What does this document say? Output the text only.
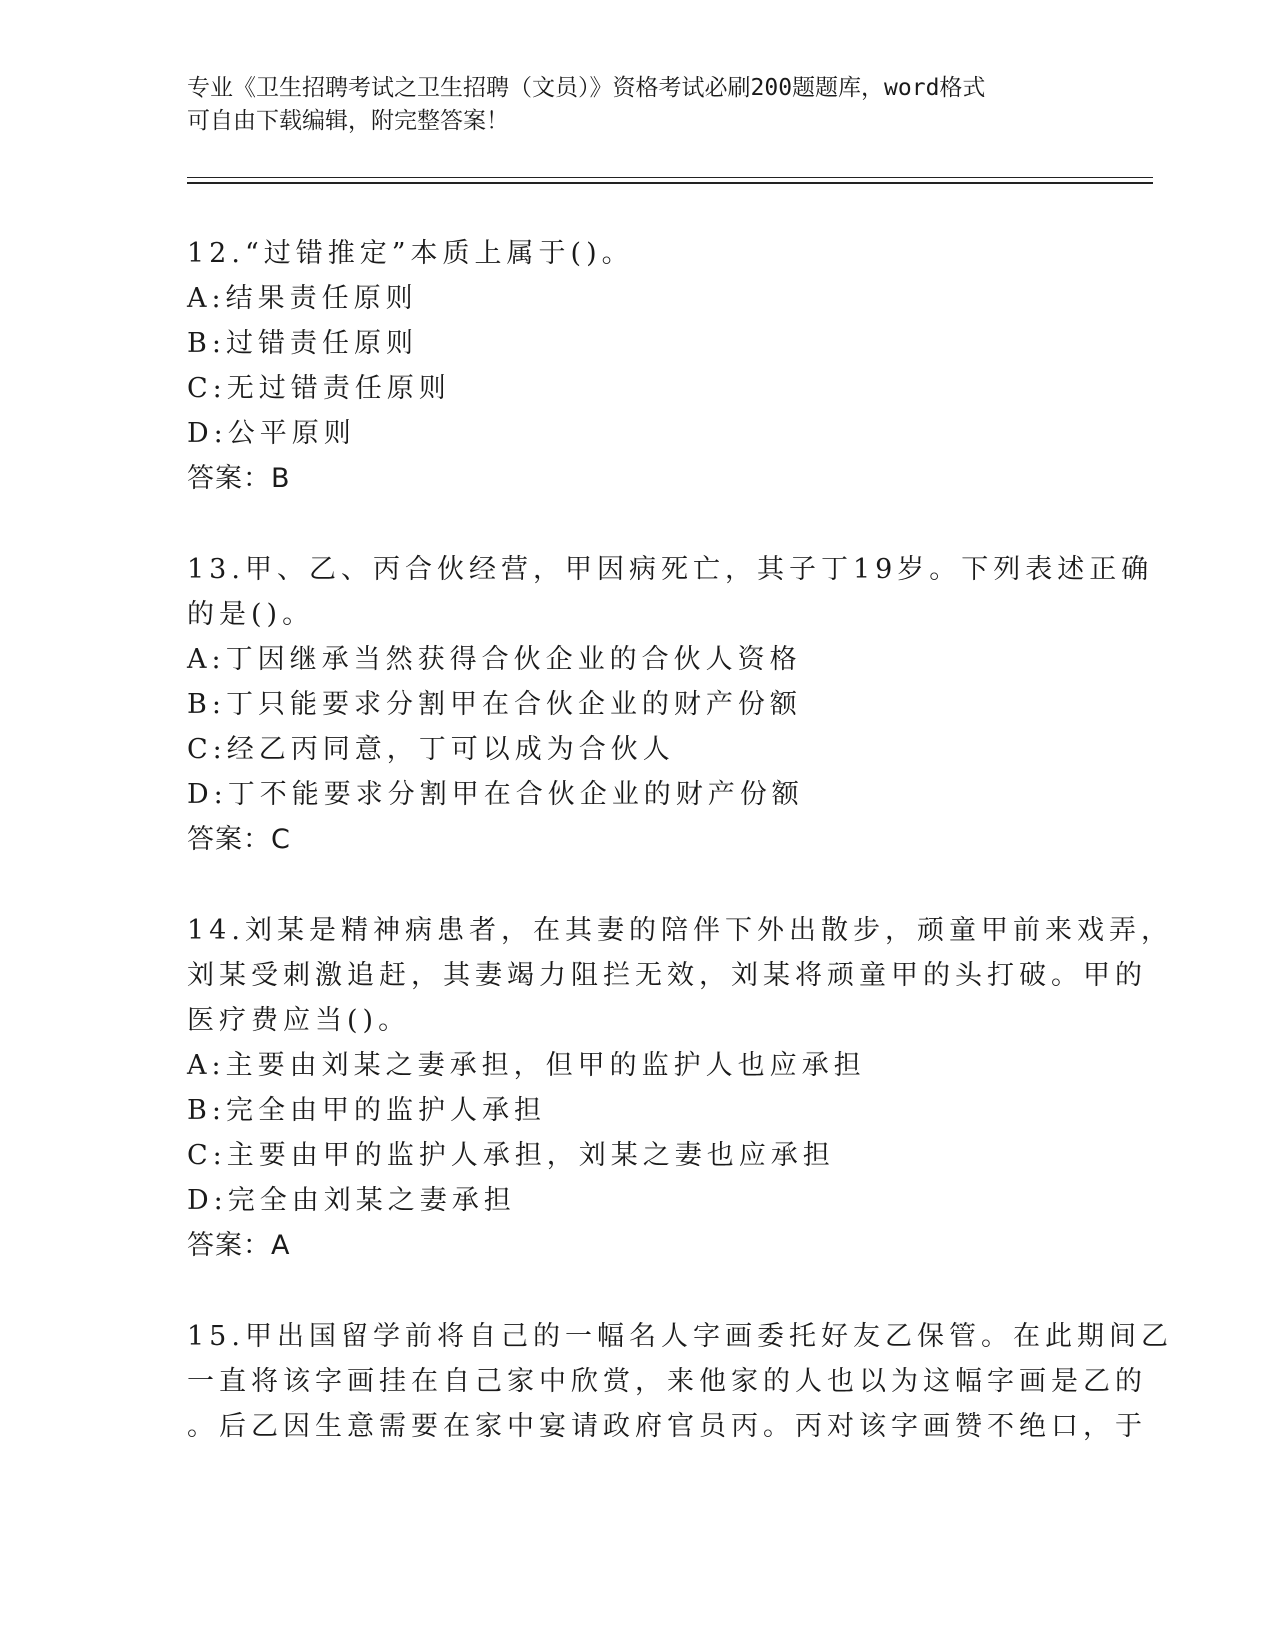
专业《卫生招聘考试之卫生招聘（文员）》资格考试必刷200题题库，word格式
可自由下载编辑，附完整答案！
12.“过错推定”本质上属于()。
A:结果责任原则
B:过错责任原则
C:无过错责任原则
D:公平原则
答案：B
13.甲、乙、丙合伙经营，甲因病死亡，其子丁19岁。下列表述正确
的是()。
A:丁因继承当然获得合伙企业的合伙人资格
B:丁只能要求分割甲在合伙企业的财产份额
C:经乙丙同意，丁可以成为合伙人
D:丁不能要求分割甲在合伙企业的财产份额
答案：C
14.刘某是精神病患者，在其妻的陪伴下外出散步，顽童甲前来戏弄，
刘某受刺激追赶，其妻竭力阻拦无效，刘某将顽童甲的头打破。甲的
医疗费应当()。
A:主要由刘某之妻承担，但甲的监护人也应承担
B:完全由甲的监护人承担
C:主要由甲的监护人承担，刘某之妻也应承担
D:完全由刘某之妻承担
答案：A
15.甲出国留学前将自己的一幅名人字画委托好友乙保管。在此期间乙
一直将该字画挂在自己家中欣赏，来他家的人也以为这幅字画是乙的
。后乙因生意需要在家中宴请政府官员丙。丙对该字画赞不绝口，于
